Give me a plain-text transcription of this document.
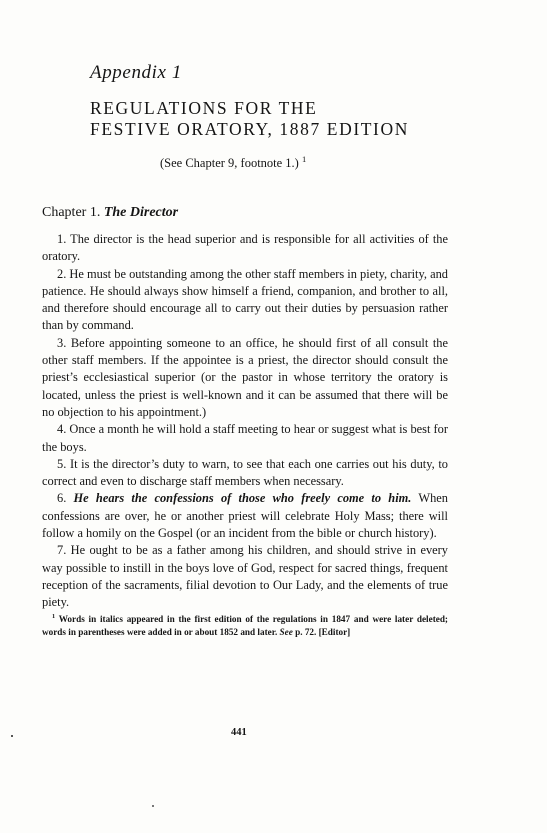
Appendix 1
REGULATIONS FOR THE
FESTIVE ORATORY, 1887 EDITION
(See Chapter 9, footnote 1.) $^1$
Chapter 1. The Director

1. The director is the head superior and is responsible for all activities of the oratory.

2. He must be outstanding among the other staff members in piety, charity, and patience. He should always show himself a friend, companion, and brother to all, and therefore should encourage all to carry out their duties by persuasion rather than by command.

3. Before appointing someone to an office, he should first of all consult the other staff members. If the appointee is a priest, the director should consult the priest’s ecclesiastical superior (or the pastor in whose territory the oratory is located, unless the priest is well-known and it can be assumed that there will be no objection to his appointment.)

4. Once a month he will hold a staff meeting to hear or suggest what is best for the boys.

5. It is the director’s duty to warn, to see that each one carries out his duty, to correct and even to discharge staff members when necessary.

6. He hears the confessions of those who freely come to him. When confessions are over, he or another priest will celebrate Holy Mass; there will follow a homily on the Gospel (or an incident from the bible or church history).

7. He ought to be as a father among his children, and should strive in every way possible to instill in the boys love of God, respect for sacred things, frequent reception of the sacraments, filial devotion to Our Lady, and the elements of true piety.

$^1$ Words in italics appeared in the first edition of the regulations in 1847 and were later deleted; words in parentheses were added in or about 1852 and later. See p. 72. [Editor]

441
